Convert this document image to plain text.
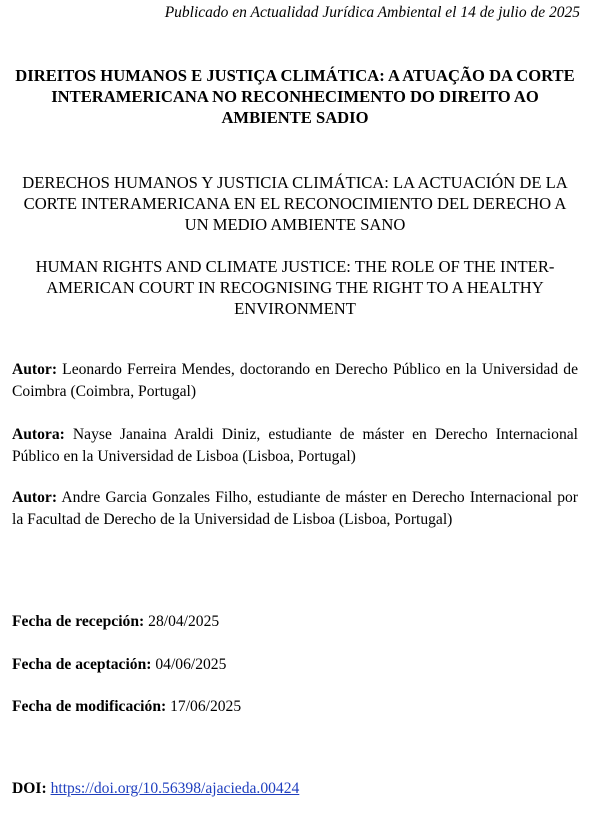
Publicado en Actualidad Jurídica Ambiental el 14 de julio de 2025
DIREITOS HUMANOS E JUSTIÇA CLIMÁTICA: A ATUAÇÃO DA CORTE INTERAMERICANA NO RECONHECIMENTO DO DIREITO AO AMBIENTE SADIO
DERECHOS HUMANOS Y JUSTICIA CLIMÁTICA: LA ACTUACIÓN DE LA CORTE INTERAMERICANA EN EL RECONOCIMIENTO DEL DERECHO A UN MEDIO AMBIENTE SANO
HUMAN RIGHTS AND CLIMATE JUSTICE: THE ROLE OF THE INTER-AMERICAN COURT IN RECOGNISING THE RIGHT TO A HEALTHY ENVIRONMENT
Autor: Leonardo Ferreira Mendes, doctorando en Derecho Público en la Universidad de Coimbra (Coimbra, Portugal)
Autora: Nayse Janaina Araldi Diniz, estudiante de máster en Derecho Internacional Público en la Universidad de Lisboa (Lisboa, Portugal)
Autor: Andre Garcia Gonzales Filho, estudiante de máster en Derecho Internacional por la Facultad de Derecho de la Universidad de Lisboa (Lisboa, Portugal)
Fecha de recepción: 28/04/2025
Fecha de aceptación: 04/06/2025
Fecha de modificación: 17/06/2025
DOI: https://doi.org/10.56398/ajacieda.00424
